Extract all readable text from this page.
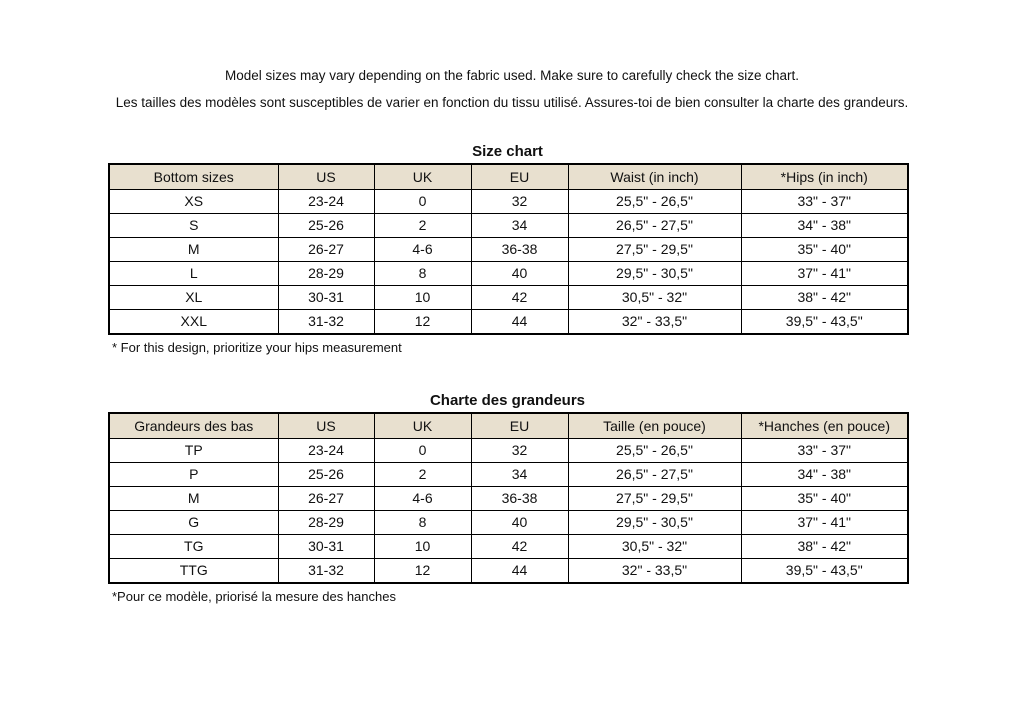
Model sizes may vary depending on the fabric used. Make sure to carefully check the size chart.

Les tailles des modèles sont susceptibles de varier en fonction du tissu utilisé. Assures-toi de bien consulter la charte des grandeurs.

Size chart
Bottom sizes	US	UK	EU	Waist (in inch)	*Hips (in inch)
XS	23-24	0	32	25,5" - 26,5"	33" - 37"
S	25-26	2	34	26,5" - 27,5"	34" - 38"
M	26-27	4-6	36-38	27,5" - 29,5"	35" - 40"
L	28-29	8	40	29,5" - 30,5"	37" - 41"
XL	30-31	10	42	30,5" - 32"	38" - 42"
XXL	31-32	12	44	32" - 33,5"	39,5" - 43,5"

* For this design, prioritize your hips measurement

Charte des grandeurs
Grandeurs des bas	US	UK	EU	Taille (en pouce)	*Hanches (en pouce)
TP	23-24	0	32	25,5" - 26,5"	33" - 37"
P	25-26	2	34	26,5" - 27,5"	34" - 38"
M	26-27	4-6	36-38	27,5" - 29,5"	35" - 40"
G	28-29	8	40	29,5" - 30,5"	37" - 41"
TG	30-31	10	42	30,5" - 32"	38" - 42"
TTG	31-32	12	44	32" - 33,5"	39,5" - 43,5"

*Pour ce modèle, priorisé la mesure des hanches
